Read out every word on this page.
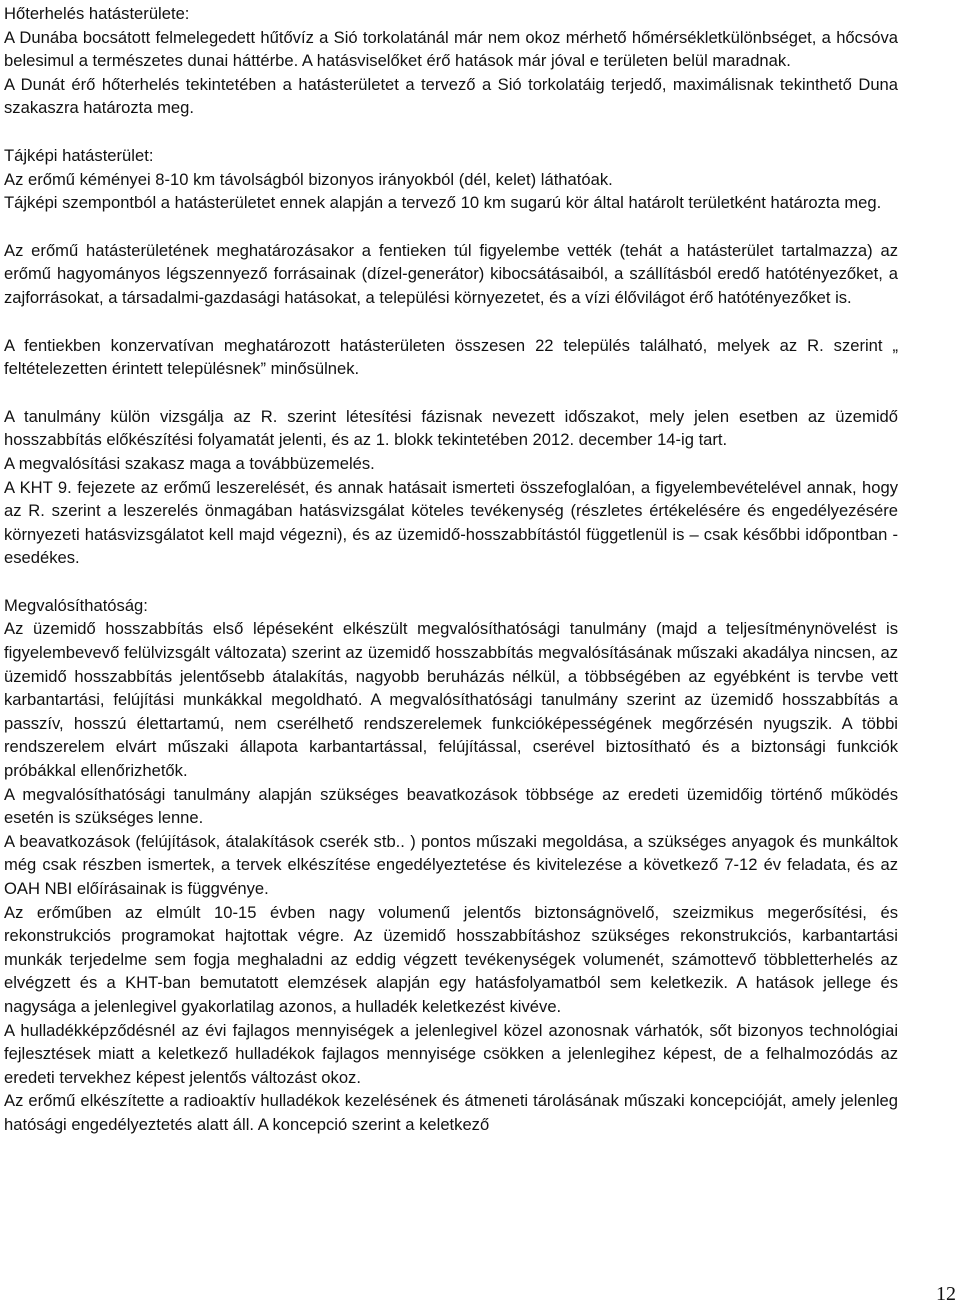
Hőterhelés hatásterülete:

A Dunába bocsátott felmelegedett hűtővíz a Sió torkolatánál már nem okoz mérhető hőmérsékletkülönbséget, a hőcsóva belesimul a természetes dunai háttérbe. A hatásviselőket érő hatások már jóval e területen belül maradnak.

A Dunát érő hőterhelés tekintetében a hatásterületet a tervező a Sió torkolatáig terjedő, maximálisnak tekinthető Duna szakaszra határozta meg.

Tájképi hatásterület:

Az erőmű kéményei 8-10 km távolságból bizonyos irányokból (dél, kelet) láthatóak.

Tájképi szempontból a hatásterületet ennek alapján a tervező 10 km sugarú kör által határolt területként határozta meg.

Az erőmű hatásterületének meghatározásakor a fentieken túl figyelembe vették (tehát a hatásterület tartalmazza) az erőmű hagyományos légszennyező forrásainak (dízel-generátor) kibocsátásaiból, a szállításból eredő hatótényezőket, a zajforrásokat, a társadalmi-gazdasági hatásokat, a települési környezetet, és a vízi élővilágot érő hatótényezőket is.

A fentiekben konzervatívan meghatározott hatásterületen összesen 22 település található, melyek az R. szerint „ feltételezetten érintett településnek” minősülnek.

A tanulmány külön vizsgálja az R. szerint létesítési fázisnak nevezett időszakot, mely jelen esetben az üzemidő hosszabbítás előkészítési folyamatát jelenti, és az 1. blokk tekintetében 2012. december 14-ig tart.

A megvalósítási szakasz maga a továbbüzemelés.

A KHT 9. fejezete az erőmű leszerelését, és annak hatásait ismerteti összefoglalóan, a figyelembevételével annak, hogy az R. szerint a leszerelés önmagában hatásvizsgálat köteles tevékenység (részletes értékelésére és engedélyezésére környezeti hatásvizsgálatot kell majd végezni), és az üzemidő-hosszabbítástól függetlenül is – csak későbbi időpontban - esedékes.

Megvalósíthatóság:

Az üzemidő hosszabbítás első lépéseként elkészült megvalósíthatósági tanulmány (majd a teljesítménynövelést is figyelembevevő felülvizsgált változata) szerint az üzemidő hosszabbítás megvalósításának műszaki akadálya nincsen, az üzemidő hosszabbítás jelentősebb átalakítás, nagyobb beruházás nélkül, a többségében az egyébként is tervbe vett karbantartási, felújítási munkákkal megoldható. A megvalósíthatósági tanulmány szerint az üzemidő hosszabbítás a passzív, hosszú élettartamú, nem cserélhető rendszerelemek funkcióképességének megőrzésén nyugszik. A többi rendszerelem elvárt műszaki állapota karbantartással, felújítással, cserével biztosítható és a biztonsági funkciók próbákkal ellenőrizhetők.

A megvalósíthatósági tanulmány alapján szükséges beavatkozások többsége az eredeti üzemidőig történő működés esetén is szükséges lenne.

A beavatkozások (felújítások, átalakítások cserék stb.. ) pontos műszaki megoldása, a szükséges anyagok és munkáltok még csak részben ismertek, a tervek elkészítése engedélyeztetése és kivitelezése a következő 7-12 év feladata, és az OAH NBI előírásainak is függvénye.

Az erőműben az elmúlt 10-15 évben nagy volumenű jelentős biztonságnövelő, szeizmikus megerősítési, és rekonstrukciós programokat hajtottak végre. Az üzemidő hosszabbításhoz szükséges rekonstrukciós, karbantartási munkák terjedelme sem fogja meghaladni az eddig végzett tevékenységek volumenét, számottevő többletterhelés az elvégzett és a KHT-ban bemutatott elemzések alapján egy hatásfolyamatból sem keletkezik. A hatások jellege és nagysága a jelenlegivel gyakorlatilag azonos, a hulladék keletkezést kivéve.

A hulladékképződésnél az évi fajlagos mennyiségek a jelenlegivel közel azonosnak várhatók, sőt bizonyos technológiai fejlesztések miatt a keletkező hulladékok fajlagos mennyisége csökken a jelenlegihez képest, de a felhalmozódás az eredeti tervekhez képest jelentős változást okoz.

Az erőmű elkészítette a radioaktív hulladékok kezelésének és átmeneti tárolásának műszaki koncepcióját, amely jelenleg hatósági engedélyeztetés alatt áll. A koncepció szerint a keletkező

12
